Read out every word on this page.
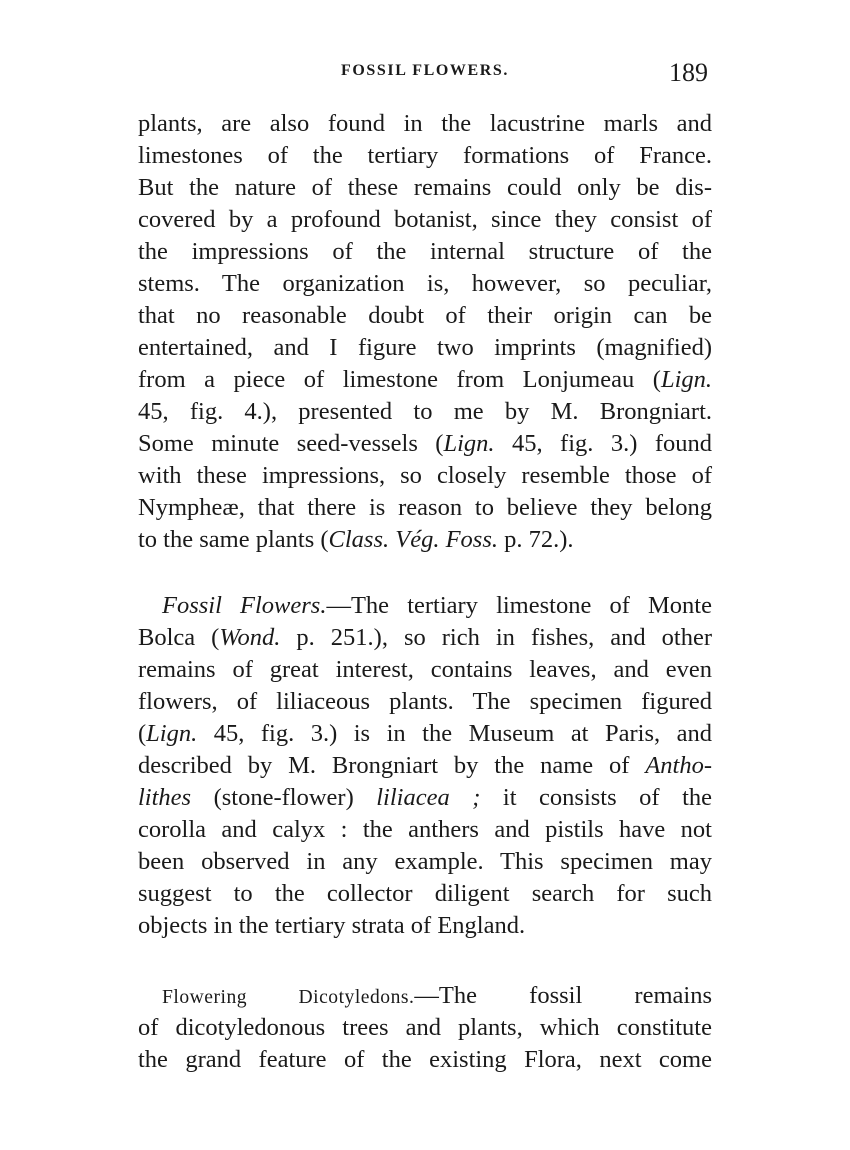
FOSSIL FLOWERS.	189
plants, are also found in the lacustrine marls and
limestones of the tertiary formations of France.
But the nature of these remains could only be dis-
covered by a profound botanist, since they consist of
the impressions of the internal structure of the
stems. The organization is, however, so peculiar,
that no reasonable doubt of their origin can be
entertained, and I figure two imprints (magnified)
from a piece of limestone from Lonjumeau (Lign.
45, fig. 4.), presented to me by M. Brongniart.
Some minute seed-vessels (Lign. 45, fig. 3.) found
with these impressions, so closely resemble those of
Nympheæ, that there is reason to believe they belong
to the same plants (Class. Vég. Foss. p. 72.).
Fossil Flowers.—The tertiary limestone of Monte
Bolca (Wond. p. 251.), so rich in fishes, and other
remains of great interest, contains leaves, and even
flowers, of liliaceous plants. The specimen figured
(Lign. 45, fig. 3.) is in the Museum at Paris, and
described by M. Brongniart by the name of Antho-
lithes (stone-flower) liliacea ; it consists of the
corolla and calyx : the anthers and pistils have not
been observed in any example. This specimen may
suggest to the collector diligent search for such
objects in the tertiary strata of England.
Flowering Dicotyledons.—The fossil remains
of dicotyledonous trees and plants, which constitute
the grand feature of the existing Flora, next come
